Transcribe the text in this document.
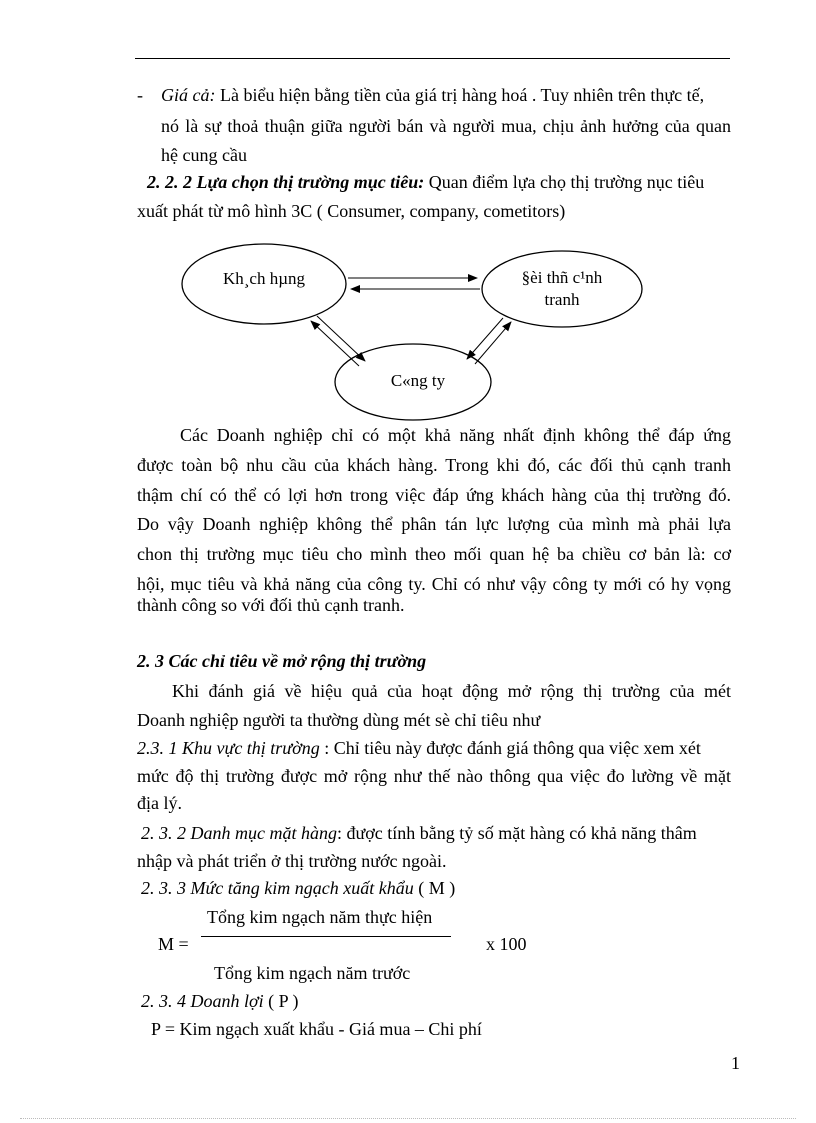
- Giá cả: Là biểu hiện bằng tiền của giá trị hàng hoá . Tuy nhiên trên thực tế,
nó là sự thoả thuận giữa người bán và người mua, chịu ảnh hưởng của quan
hệ cung cầu
2. 2. 2 Lựa chọn thị trường mục tiêu: Quan điểm lựa chọ thị trường nục tiêu
xuất phát từ mô hình 3C ( Consumer, company, cometitors)
Kh¸ch hµng	§èi thñ c¹nh
tranh
C«ng ty
Các Doanh nghiệp chỉ có một khả năng nhất định không thể đáp ứng
được toàn bộ nhu cầu của khách hàng. Trong khi đó, các đối thủ cạnh tranh
thậm chí có thể có lợi hơn trong việc đáp ứng khách hàng của thị trường đó.
Do vậy Doanh nghiệp không thể phân tán lực lượng của mình mà phải lựa
chon thị trường mục tiêu cho mình theo mối quan hệ ba chiều cơ bản là: cơ
hội, mục tiêu và khả năng của công ty. Chỉ có như vậy công ty mới có hy vọng
thành công so với đối thủ cạnh tranh.
2. 3 Các chỉ tiêu về mở rộng thị trường
Khi đánh giá về hiệu quả của hoạt động mở rộng thị trường của mét
Doanh nghiệp người ta thường dùng mét sè chỉ tiêu như
2.3. 1 Khu vực thị trường : Chỉ tiêu này được đánh giá thông qua việc xem xét
mức độ thị trường được mở rộng như thế nào thông qua việc đo lường về mặt
địa lý.
2. 3. 2 Danh mục mặt hàng: được tính bằng tỷ số mặt hàng có khả năng thâm
nhập và phát triển ở thị trường nước ngoài.
2. 3. 3 Mức tăng kim ngạch xuất khẩu ( M )
Tổng kim ngạch năm thực hiện
M =	x 100
Tổng kim ngạch năm trước
2. 3. 4 Doanh lợi ( P )
P = Kim ngạch xuất khẩu - Giá mua – Chi phí
1
